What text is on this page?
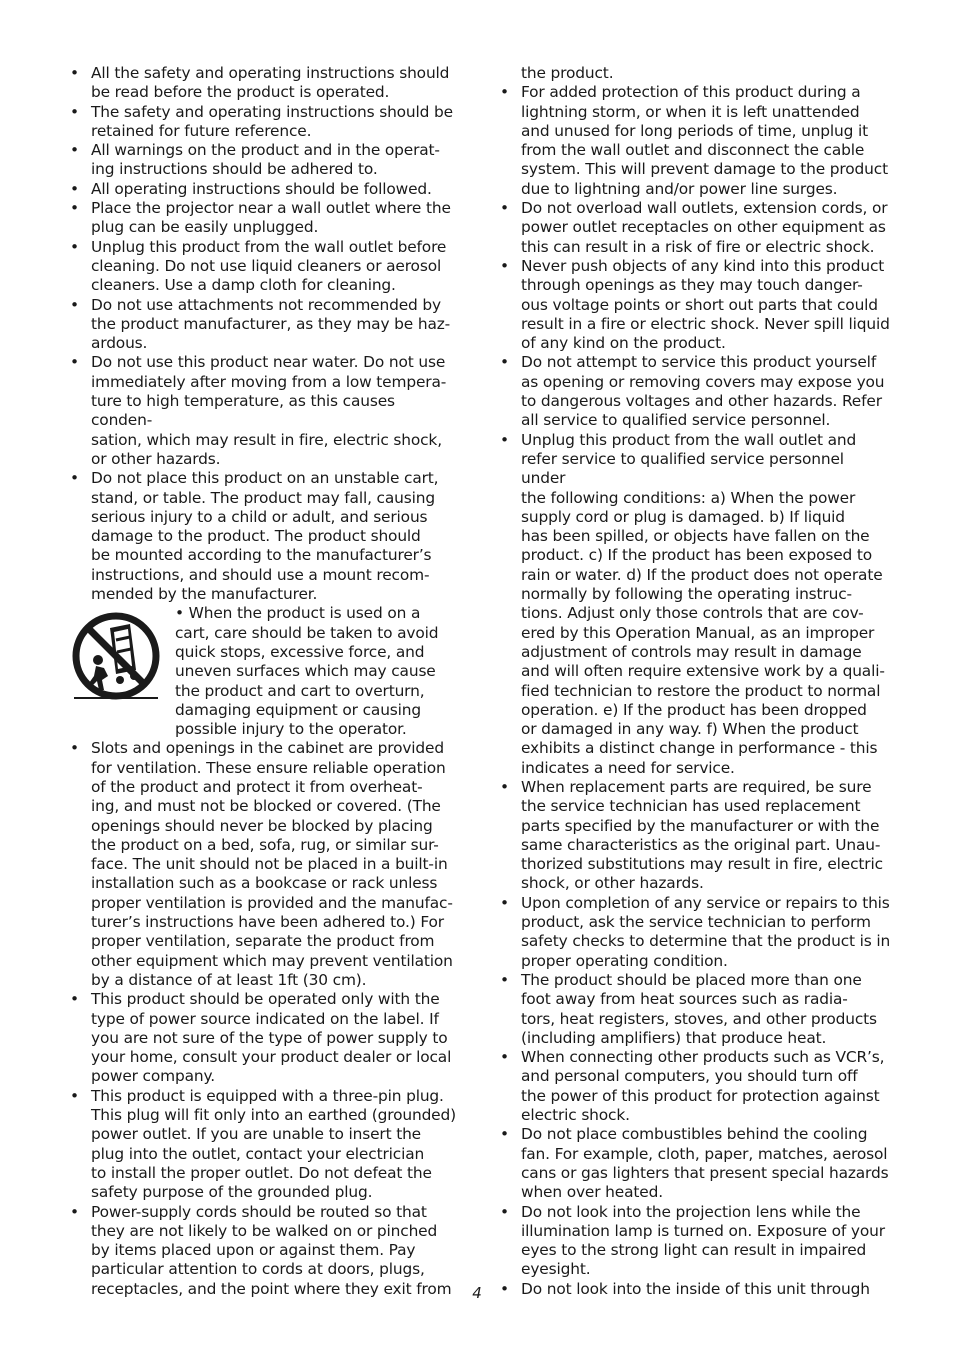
• All the safety and operating instructions should
be read before the product is operated.
• The safety and operating instructions should be
retained for future reference.
• All warnings on the product and in the operat-
ing instructions should be adhered to.
• All operating instructions should be followed.
• Place the projector near a wall outlet where the
plug can be easily unplugged.
• Unplug this product from the wall outlet before
cleaning. Do not use liquid cleaners or aerosol
cleaners. Use a damp cloth for cleaning.
• Do not use attachments not recommended by
the product manufacturer, as they may be haz-
ardous.
• Do not use this product near water. Do not use
immediately after moving from a low tempera-
ture to high temperature, as this causes conden-
sation, which may result in fire, electric shock,
or other hazards.
• Do not place this product on an unstable cart,
stand, or table. The product may fall, causing
serious injury to a child or adult, and serious
damage to the product. The product should
be mounted according to the manufacturer’s
instructions, and should use a mount recom-
mended by the manufacturer.
• When the product is used on a
cart, care should be taken to avoid
quick stops, excessive force, and
uneven surfaces which may cause
the product and cart to overturn,
damaging equipment or causing
possible injury to the operator.
• Slots and openings in the cabinet are provided
for ventilation. These ensure reliable operation
of the product and protect it from overheat-
ing, and must not be blocked or covered. (The
openings should never be blocked by placing
the product on a bed, sofa, rug, or similar sur-
face. The unit should not be placed in a built-in
installation such as a bookcase or rack unless
proper ventilation is provided and the manufac-
turer’s instructions have been adhered to.) For
proper ventilation, separate the product from
other equipment which may prevent ventilation
by a distance of at least 1ft (30 cm).
• This product should be operated only with the
type of power source indicated on the label. If
you are not sure of the type of power supply to
your home, consult your product dealer or local
power company.
• This product is equipped with a three-pin plug.
This plug will fit only into an earthed (grounded)
power outlet. If you are unable to insert the
plug into the outlet, contact your electrician
to install the proper outlet. Do not defeat the
safety purpose of the grounded plug.
• Power-supply cords should be routed so that
they are not likely to be walked on or pinched
by items placed upon or against them. Pay
particular attention to cords at doors, plugs,
receptacles, and the point where they exit from
the product.
• For added protection of this product during a
lightning storm, or when it is left unattended
and unused for long periods of time, unplug it
from the wall outlet and disconnect the cable
system. This will prevent damage to the product
due to lightning and/or power line surges.
• Do not overload wall outlets, extension cords, or
power outlet receptacles on other equipment as
this can result in a risk of fire or electric shock.
• Never push objects of any kind into this product
through openings as they may touch danger-
ous voltage points or short out parts that could
result in a fire or electric shock. Never spill liquid
of any kind on the product.
• Do not attempt to service this product yourself
as opening or removing covers may expose you
to dangerous voltages and other hazards. Refer
all service to qualified service personnel.
• Unplug this product from the wall outlet and
refer service to qualified service personnel under
the following conditions: a) When the power
supply cord or plug is damaged. b) If liquid
has been spilled, or objects have fallen on the
product. c) If the product has been exposed to
rain or water. d) If the product does not operate
normally by following the operating instruc-
tions. Adjust only those controls that are cov-
ered by this Operation Manual, as an improper
adjustment of controls may result in damage
and will often require extensive work by a quali-
fied technician to restore the product to normal
operation. e) If the product has been dropped
or damaged in any way. f) When the product
exhibits a distinct change in performance - this
indicates a need for service.
• When replacement parts are required, be sure
the service technician has used replacement
parts specified by the manufacturer or with the
same characteristics as the original part. Unau-
thorized substitutions may result in fire, electric
shock, or other hazards.
• Upon completion of any service or repairs to this
product, ask the service technician to perform
safety checks to determine that the product is in
proper operating condition.
• The product should be placed more than one
foot away from heat sources such as radia-
tors, heat registers, stoves, and other products
(including amplifiers) that produce heat.
• When connecting other products such as VCR’s,
and personal computers, you should turn off
the power of this product for protection against
electric shock.
• Do not place combustibles behind the cooling
fan. For example, cloth, paper, matches, aerosol
cans or gas lighters that present special hazards
when over heated.
• Do not look into the projection lens while the
illumination lamp is turned on. Exposure of your
eyes to the strong light can result in impaired
eyesight.
• Do not look into the inside of this unit through
4
